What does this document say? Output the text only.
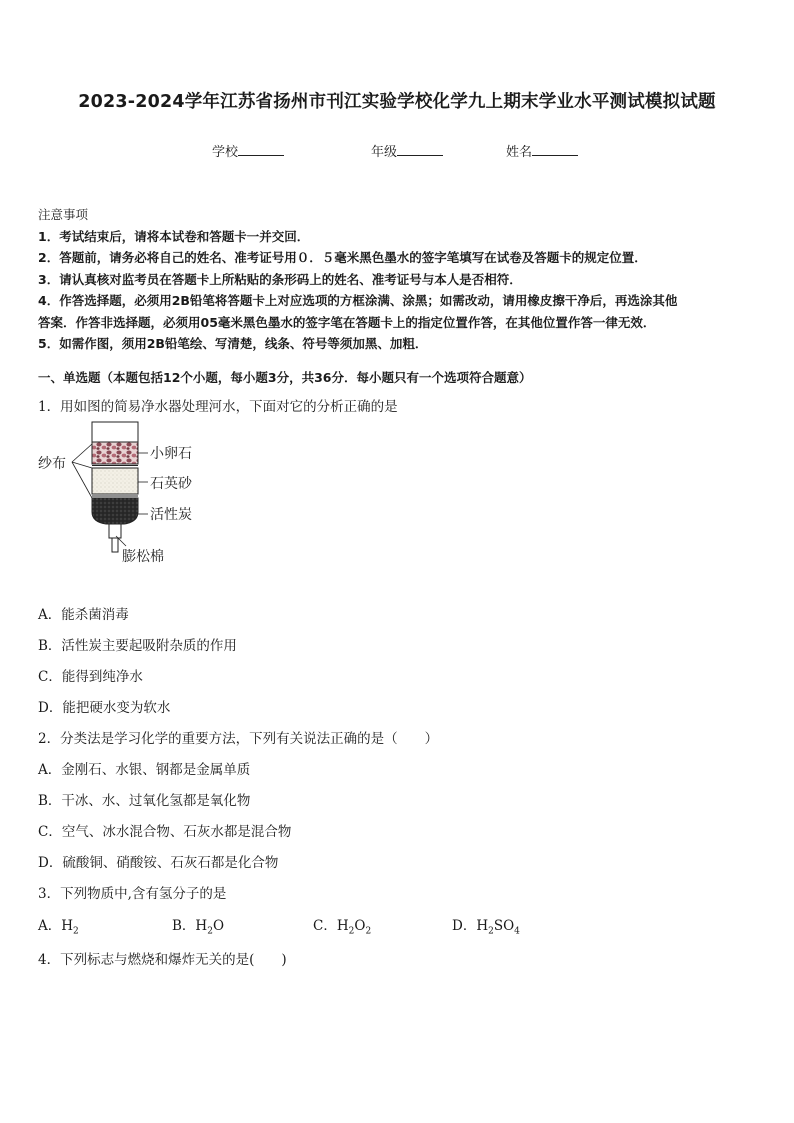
2023-2024学年江苏省扬州市刊江实验学校化学九上期末学业水平测试模拟试题
学校	年级	姓名
注意事项
1．考试结束后，请将本试卷和答题卡一并交回．
2．答题前，请务必将自己的姓名、准考证号用０．５毫米黑色墨水的签字笔填写在试卷及答题卡的规定位置．
3．请认真核对监考员在答题卡上所粘贴的条形码上的姓名、准考证号与本人是否相符．
4．作答选择题，必须用2B铅笔将答题卡上对应选项的方框涂满、涂黑；如需改动，请用橡皮擦干净后，再选涂其他
答案．作答非选择题，必须用05毫米黑色墨水的签字笔在答题卡上的指定位置作答，在其他位置作答一律无效．
5．如需作图，须用2B铅笔绘、写清楚，线条、符号等须加黑、加粗．
一、单选题（本题包括12个小题，每小题3分，共36分．每小题只有一个选项符合题意）
1．用如图的简易净水器处理河水，下面对它的分析正确的是
纱布
小卵石
石英砂
活性炭
膨松棉
A．能杀菌消毒
B．活性炭主要起吸附杂质的作用
C．能得到纯净水
D．能把硬水变为软水
2．分类法是学习化学的重要方法，下列有关说法正确的是（　　）
A．金刚石、水银、钢都是金属单质
B．干冰、水、过氧化氢都是氧化物
C．空气、冰水混合物、石灰水都是混合物
D．硫酸铜、硝酸铵、石灰石都是化合物
3．下列物质中,含有氢分子的是
A．$H_2$	B．$H_2O$	C．$H_2O_2$	D．$H_2SO_4$
4．下列标志与燃烧和爆炸无关的是(　　)
